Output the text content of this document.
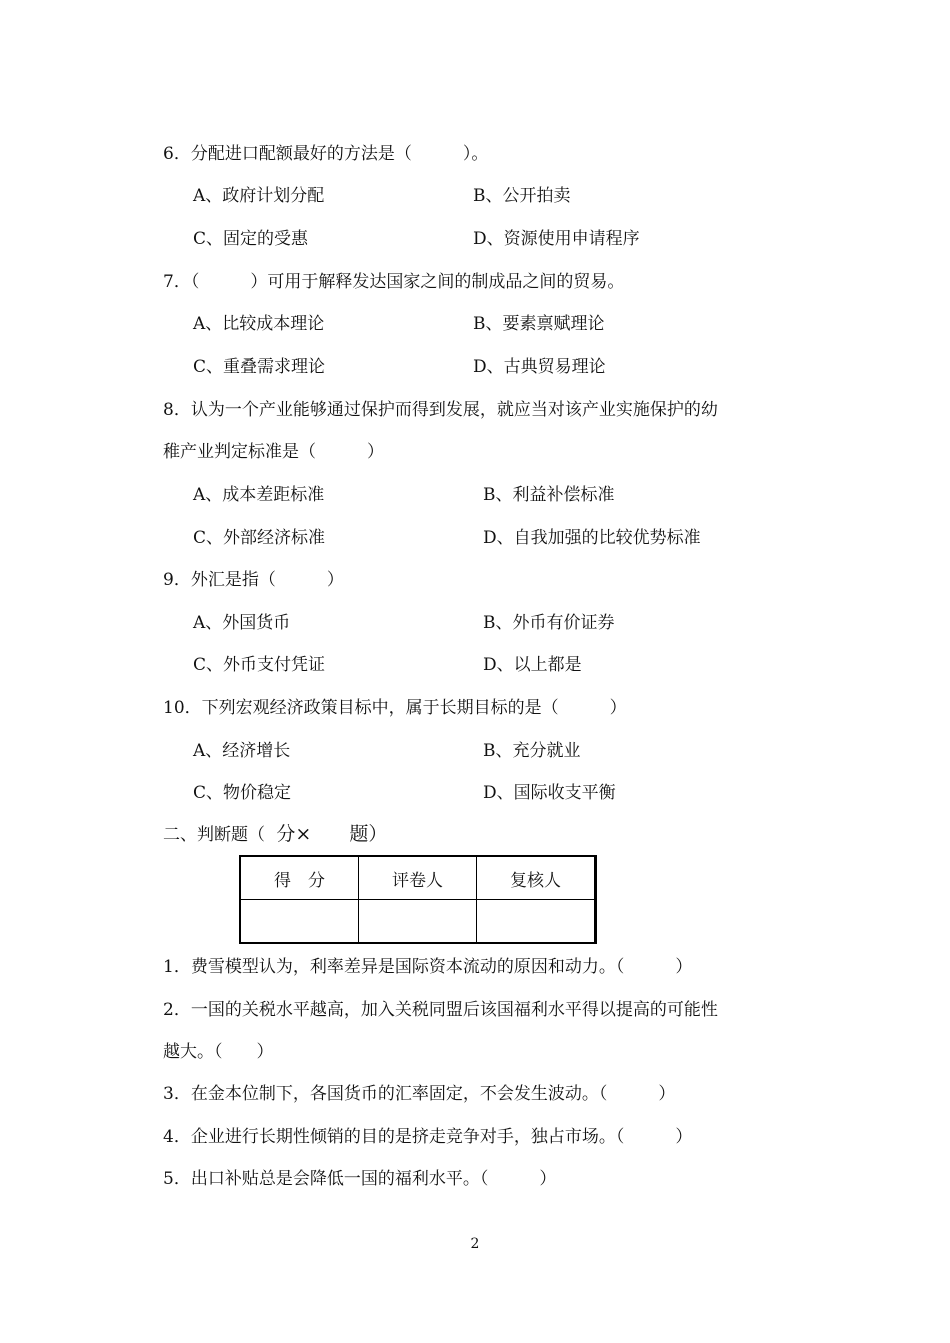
6．分配进口配额最好的方法是（　　　）。
A、政府计划分配	B、公开拍卖
C、固定的受惠	D、资源使用申请程序
7．（　　　）可用于解释发达国家之间的制成品之间的贸易。
A、比较成本理论	B、要素禀赋理论
C、重叠需求理论	D、古典贸易理论
8．认为一个产业能够通过保护而得到发展，就应当对该产业实施保护的幼
稚产业判定标准是（　　　）
A、成本差距标准	B、利益补偿标准
C、外部经济标准	D、自我加强的比较优势标准
9．外汇是指（　　　）
A、外国货币	B、外币有价证券
C、外币支付凭证	D、以上都是
10．下列宏观经济政策目标中，属于长期目标的是（　　　）
A、经济增长	B、充分就业
C、物价稳定	D、国际收支平衡
二、判断题（ 分×　　题）
得　分	评卷人	复核人

1．费雪模型认为，利率差异是国际资本流动的原因和动力。（　　　）
2．一国的关税水平越高，加入关税同盟后该国福利水平得以提高的可能性
越大。（　　）
3．在金本位制下，各国货币的汇率固定，不会发生波动。（　　　）
4．企业进行长期性倾销的目的是挤走竞争对手，独占市场。（　　　）
5．出口补贴总是会降低一国的福利水平。（　　　）
2
